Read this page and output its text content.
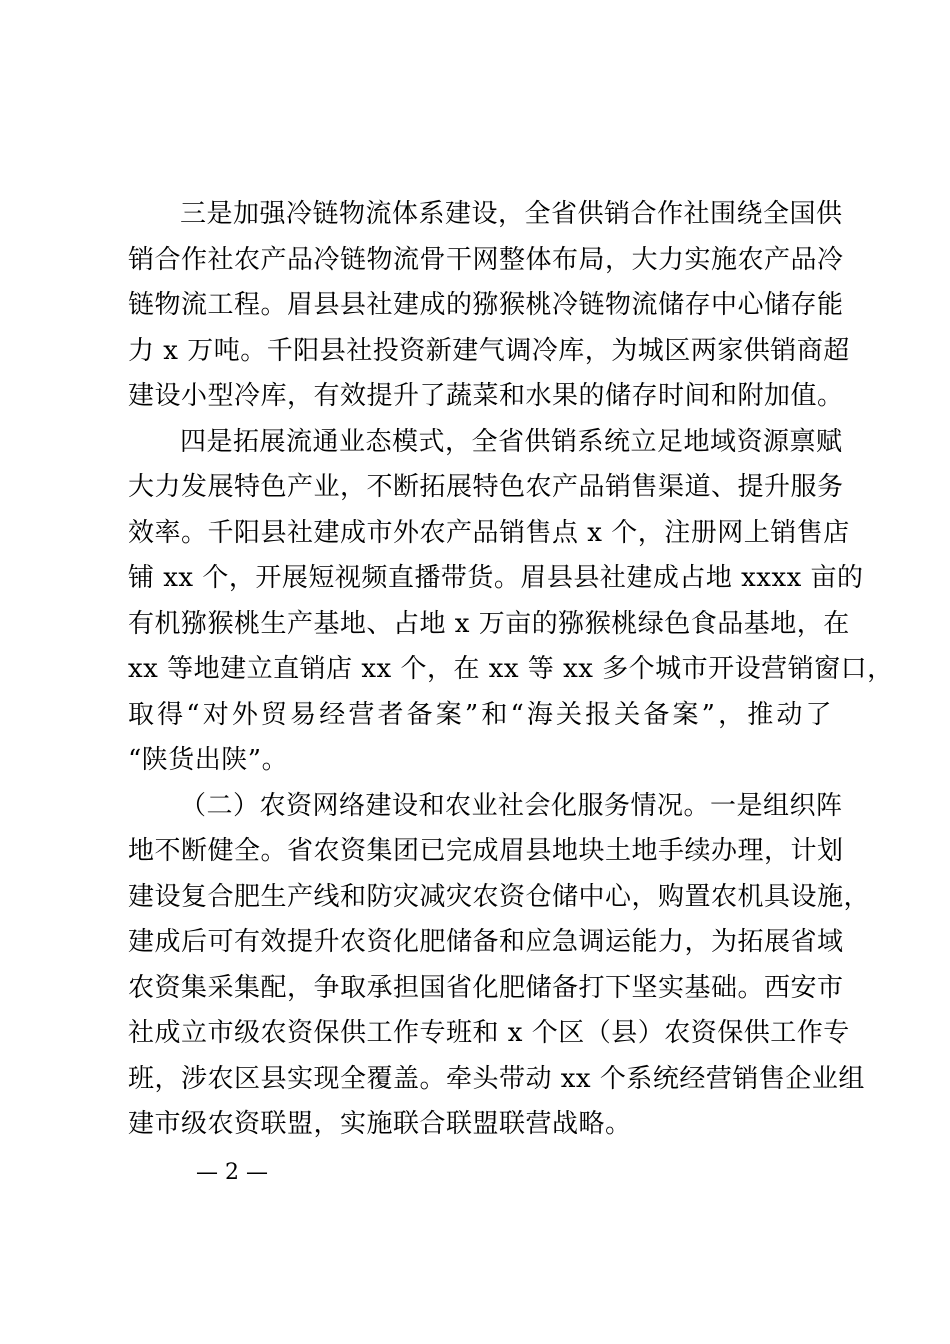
三是加强冷链物流体系建设，全省供销合作社围绕全国供
销合作社农产品冷链物流骨干网整体布局，大力实施农产品冷
链物流工程。眉县县社建成的猕猴桃冷链物流储存中心储存能
力 x 万吨。千阳县社投资新建气调冷库，为城区两家供销商超
建设小型冷库，有效提升了蔬菜和水果的储存时间和附加值。
四是拓展流通业态模式，全省供销系统立足地域资源禀赋
大力发展特色产业，不断拓展特色农产品销售渠道、提升服务
效率。千阳县社建成市外农产品销售点 x 个，注册网上销售店
铺 xx 个，开展短视频直播带货。眉县县社建成占地 xxxx 亩的
有机猕猴桃生产基地、占地 x 万亩的猕猴桃绿色食品基地，在
xx 等地建立直销店 xx 个，在 xx 等 xx 多个城市开设营销窗口，
取得“对外贸易经营者备案”和“海关报关备案”，推动了
“陕货出陕”。
（二）农资网络建设和农业社会化服务情况。一是组织阵
地不断健全。省农资集团已完成眉县地块土地手续办理，计划
建设复合肥生产线和防灾减灾农资仓储中心，购置农机具设施，
建成后可有效提升农资化肥储备和应急调运能力，为拓展省域
农资集采集配，争取承担国省化肥储备打下坚实基础。西安市
社成立市级农资保供工作专班和 x 个区（县）农资保供工作专
班，涉农区县实现全覆盖。牵头带动 xx 个系统经营销售企业组
建市级农资联盟，实施联合联盟联营战略。
— 2 —
